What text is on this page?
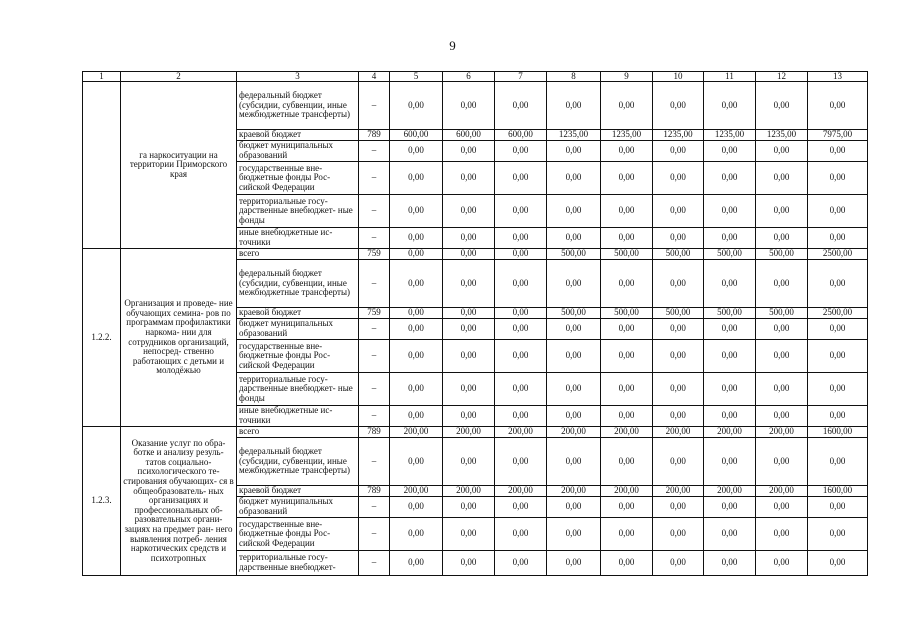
9
1	2	3	4	5	6	7	8	9	10	11	12	13
	га наркоситуации на территории Приморского края	федеральный бюджет (субсидии, субвенции, иные межбюджетные трансферты)	–	0,00	0,00	0,00	0,00	0,00	0,00	0,00	0,00	0,00
		краевой бюджет	789	600,00	600,00	600,00	1235,00	1235,00	1235,00	1235,00	1235,00	7975,00
		бюджет муниципальных образований	–	0,00	0,00	0,00	0,00	0,00	0,00	0,00	0,00	0,00
		государственные вне- бюджетные фонды Рос- сийской Федерации	–	0,00	0,00	0,00	0,00	0,00	0,00	0,00	0,00	0,00
		территориальные госу- дарственные внебюджет- ные фонды	–	0,00	0,00	0,00	0,00	0,00	0,00	0,00	0,00	0,00
		иные внебюджетные ис- точники	–	0,00	0,00	0,00	0,00	0,00	0,00	0,00	0,00	0,00
1.2.2.	Организация и проведе- ние обучающих семина- ров по программам профилактики наркома- нии для сотрудников организаций, непосред- ственно работающих с детьми и молодёжью	всего	759	0,00	0,00	0,00	500,00	500,00	500,00	500,00	500,00	2500,00
		федеральный бюджет (субсидии, субвенции, иные межбюджетные трансферты)	–	0,00	0,00	0,00	0,00	0,00	0,00	0,00	0,00	0,00
		краевой бюджет	759	0,00	0,00	0,00	500,00	500,00	500,00	500,00	500,00	2500,00
		бюджет муниципальных образований	–	0,00	0,00	0,00	0,00	0,00	0,00	0,00	0,00	0,00
		государственные вне- бюджетные фонды Рос- сийской Федерации	–	0,00	0,00	0,00	0,00	0,00	0,00	0,00	0,00	0,00
		территориальные госу- дарственные внебюджет- ные фонды	–	0,00	0,00	0,00	0,00	0,00	0,00	0,00	0,00	0,00
		иные внебюджетные ис- точники	–	0,00	0,00	0,00	0,00	0,00	0,00	0,00	0,00	0,00
1.2.3.	Оказание услуг по обра- ботке и анализу резуль- татов социально- психологического те- стирования обучающих- ся в общеобразователь- ных организациях и профессиональных об- разовательных органи- зациях на предмет ран- него выявления потреб- ления наркотических средств и психотропных	всего	789	200,00	200,00	200,00	200,00	200,00	200,00	200,00	200,00	1600,00
		федеральный бюджет (субсидии, субвенции, иные межбюджетные трансферты)	–	0,00	0,00	0,00	0,00	0,00	0,00	0,00	0,00	0,00
		краевой бюджет	789	200,00	200,00	200,00	200,00	200,00	200,00	200,00	200,00	1600,00
		бюджет муниципальных образований	–	0,00	0,00	0,00	0,00	0,00	0,00	0,00	0,00	0,00
		государственные вне- бюджетные фонды Рос- сийской Федерации	–	0,00	0,00	0,00	0,00	0,00	0,00	0,00	0,00	0,00
		территориальные госу- дарственные внебюджет-	–	0,00	0,00	0,00	0,00	0,00	0,00	0,00	0,00	0,00
